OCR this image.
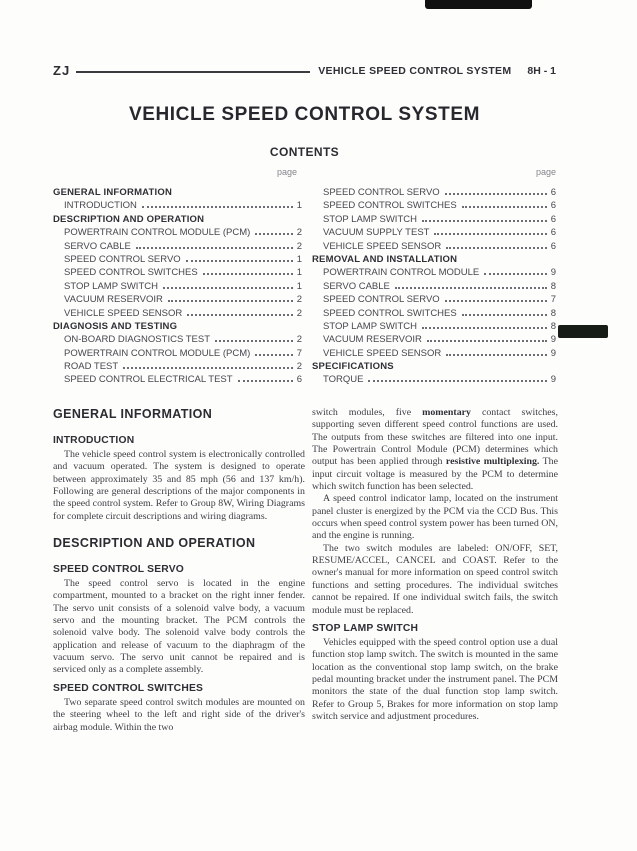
ZJ	VEHICLE SPEED CONTROL SYSTEM 8H - 1
VEHICLE SPEED CONTROL SYSTEM
CONTENTS
page	page
GENERAL INFORMATION
INTRODUCTION	1
DESCRIPTION AND OPERATION
POWERTRAIN CONTROL MODULE (PCM)	2
SERVO CABLE	2
SPEED CONTROL SERVO	1
SPEED CONTROL SWITCHES	1
STOP LAMP SWITCH	1
VACUUM RESERVOIR	2
VEHICLE SPEED SENSOR	2
DIAGNOSIS AND TESTING
ON-BOARD DIAGNOSTICS TEST	2
POWERTRAIN CONTROL MODULE (PCM)	7
ROAD TEST	2
SPEED CONTROL ELECTRICAL TEST	6
SPEED CONTROL SERVO	6
SPEED CONTROL SWITCHES	6
STOP LAMP SWITCH	6
VACUUM SUPPLY TEST	6
VEHICLE SPEED SENSOR	6
REMOVAL AND INSTALLATION
POWERTRAIN CONTROL MODULE	9
SERVO CABLE	8
SPEED CONTROL SERVO	7
SPEED CONTROL SWITCHES	8
STOP LAMP SWITCH	8
VACUUM RESERVOIR	9
VEHICLE SPEED SENSOR	9
SPECIFICATIONS
TORQUE	9
GENERAL INFORMATION
INTRODUCTION

The vehicle speed control system is electronically controlled and vacuum operated. The system is designed to operate between approximately 35 and 85 mph (56 and 137 km/h). Following are general descriptions of the major components in the speed control system. Refer to Group 8W, Wiring Diagrams for complete circuit descriptions and wiring diagrams.

DESCRIPTION AND OPERATION
SPEED CONTROL SERVO

The speed control servo is located in the engine compartment, mounted to a bracket on the right inner fender. The servo unit consists of a solenoid valve body, a vacuum servo and the mounting bracket. The PCM controls the solenoid valve body. The solenoid valve body controls the application and release of vacuum to the diaphragm of the vacuum servo. The servo unit cannot be repaired and is serviced only as a complete assembly.

SPEED CONTROL SWITCHES

Two separate speed control switch modules are mounted on the steering wheel to the left and right side of the driver's airbag module. Within the two

switch modules, five momentary contact switches, supporting seven different speed control functions are used. The outputs from these switches are filtered into one input. The Powertrain Control Module (PCM) determines which output has been applied through resistive multiplexing. The input circuit voltage is measured by the PCM to determine which switch function has been selected.

A speed control indicator lamp, located on the instrument panel cluster is energized by the PCM via the CCD Bus. This occurs when speed control system power has been turned ON, and the engine is running.

The two switch modules are labeled: ON/OFF, SET, RESUME/ACCEL, CANCEL and COAST. Refer to the owner's manual for more information on speed control switch functions and setting procedures. The individual switches cannot be repaired. If one individual switch fails, the switch module must be replaced.

STOP LAMP SWITCH

Vehicles equipped with the speed control option use a dual function stop lamp switch. The switch is mounted in the same location as the conventional stop lamp switch, on the brake pedal mounting bracket under the instrument panel. The PCM monitors the state of the dual function stop lamp switch. Refer to Group 5, Brakes for more information on stop lamp switch service and adjustment procedures.
